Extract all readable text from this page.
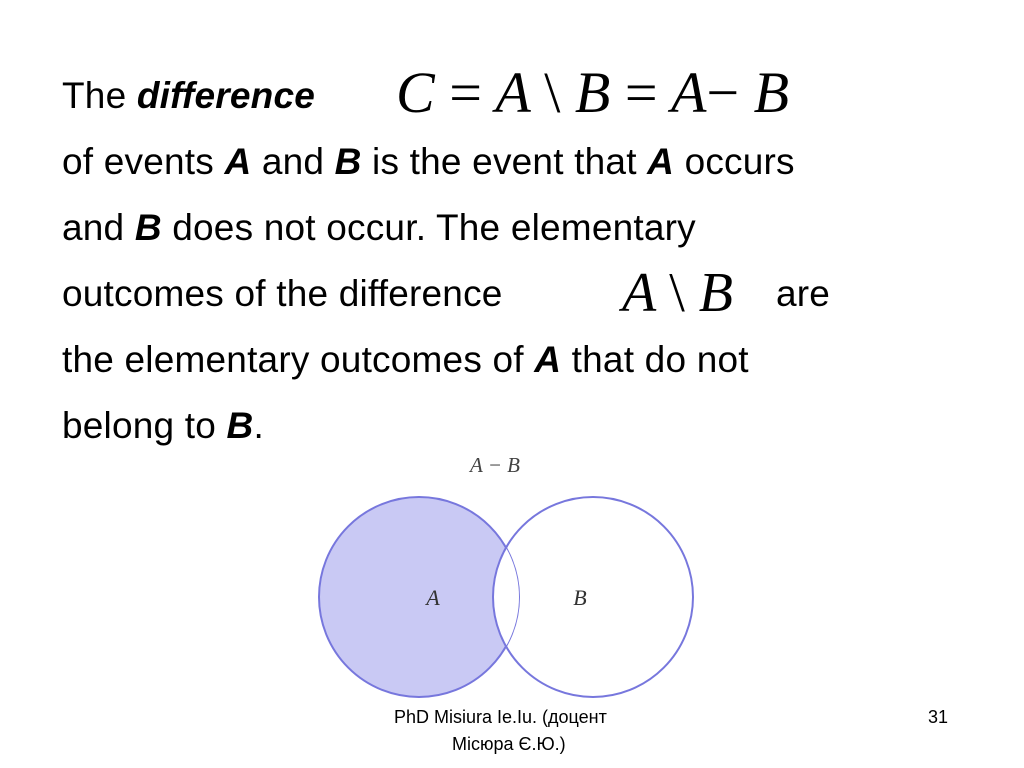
The difference C = A \ B = A− B
of events A and B is the event that A occurs
and B does not occur. The elementary
outcomes of the difference A \ B are
the elementary outcomes of A that do not
belong to B.
A − B
A	B
PhD Misiura Ie.Iu. (доцент
Місюра Є.Ю.)
31
